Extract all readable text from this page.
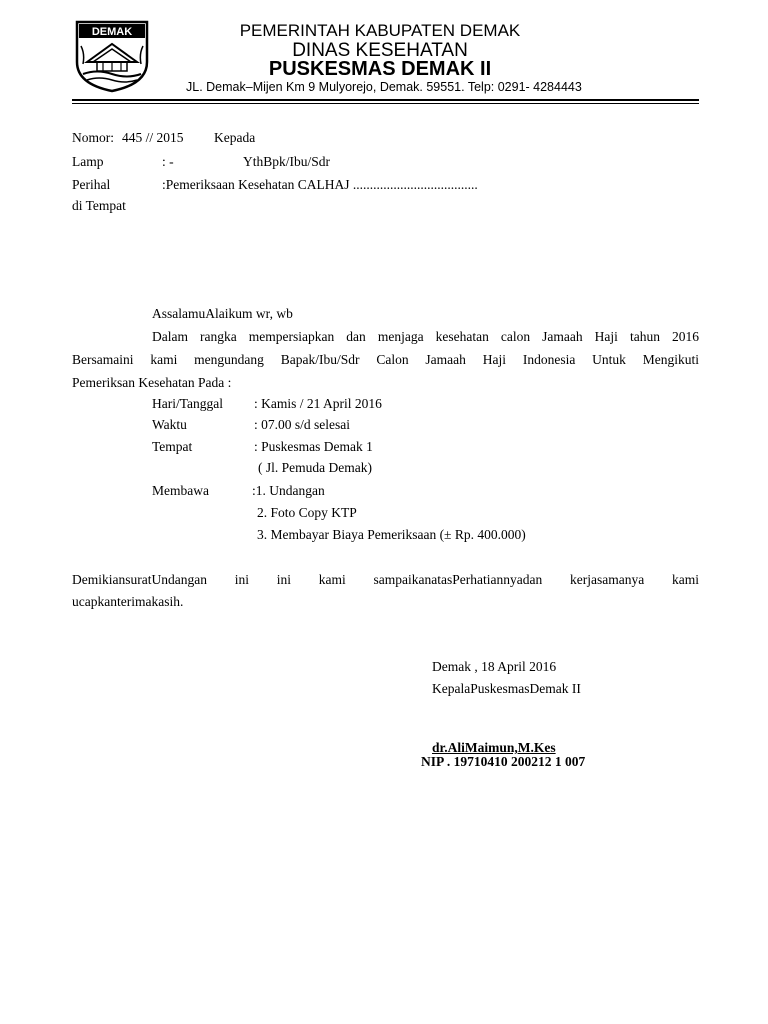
DEMAK	PEMERINTAH KABUPATEN DEMAK
DINAS KESEHATAN
PUSKESMAS DEMAK II
JL. Demak–Mijen Km 9 Mulyorejo, Demak. 59551. Telp: 0291- 4284443
Nomor: 445 // 2015 Kepada
Lamp	: -	YthBpk/Ibu/Sdr
Perihal	:Pemeriksaan Kesehatan CALHAJ .....................................
di Tempat
AssalamuAlaikum wr, wb
Dalam rangka mempersiapkan dan menjaga kesehatan calon Jamaah Haji tahun 2016
Bersamaini kami mengundang Bapak/Ibu/Sdr Calon Jamaah Haji Indonesia Untuk Mengikuti
Pemeriksan Kesehatan Pada :
Hari/Tanggal : Kamis / 21 April 2016
Waktu	: 07.00 s/d selesai
Tempat	: Puskesmas Demak 1
( Jl. Pemuda Demak)
Membawa	:1. Undangan
2. Foto Copy KTP
3. Membayar Biaya Pemeriksaan (± Rp. 400.000)
DemikiansuratUndangan ini ini kami sampaikanatasPerhatiannyadan kerjasamanya kami
ucapkanterimakasih.
Demak , 18 April 2016
KepalaPuskesmasDemak II
dr.AliMaimun,M.Kes
NIP . 19710410 200212 1 007
